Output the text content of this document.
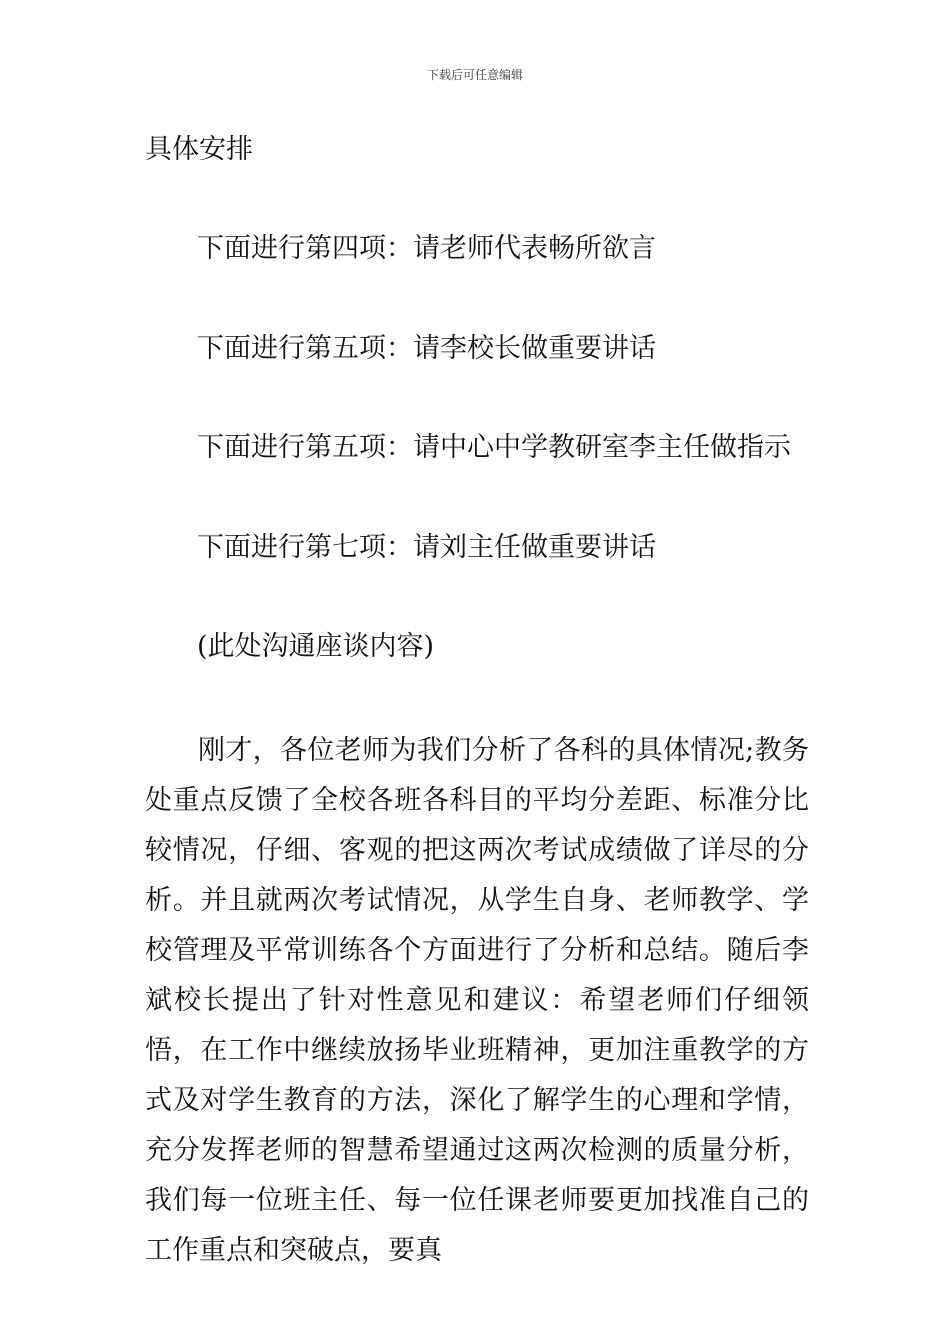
下载后可任意编辑
具体安排
下面进行第四项：请老师代表畅所欲言
下面进行第五项：请李校长做重要讲话
下面进行第五项：请中心中学教研室李主任做指示
下面进行第七项：请刘主任做重要讲话
(此处沟通座谈内容)

刚才，各位老师为我们分析了各科的具体情况;教务处重点反馈了全校各班各科目的平均分差距、标准分比较情况，仔细、客观的把这两次考试成绩做了详尽的分析。并且就两次考试情况，从学生自身、老师教学、学校管理及平常训练各个方面进行了分析和总结。随后李斌校长提出了针对性意见和建议：希望老师们仔细领悟，在工作中继续放扬毕业班精神，更加注重教学的方式及对学生教育的方法，深化了解学生的心理和学情，充分发挥老师的智慧希望通过这两次检测的质量分析，我们每一位班主任、每一位任课老师要更加找准自己的工作重点和突破点，要真
